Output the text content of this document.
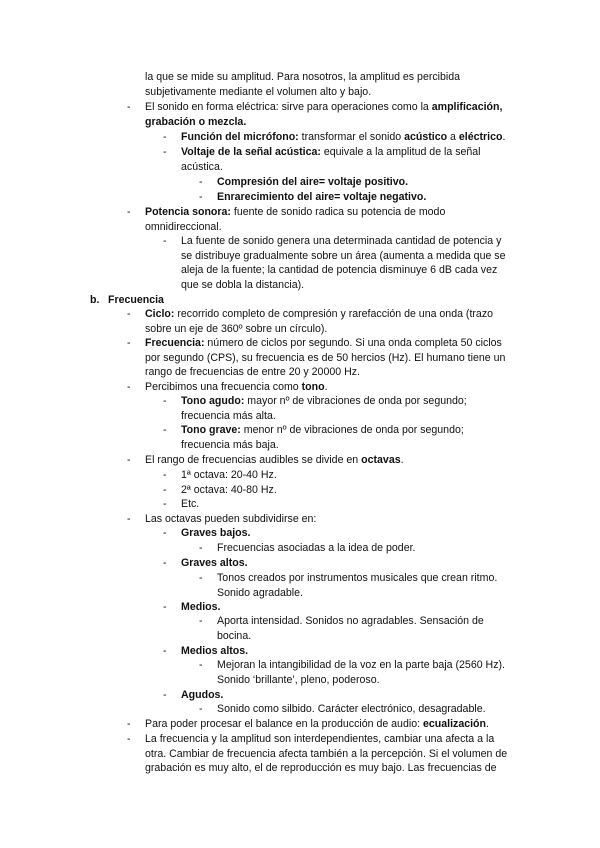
la que se mide su amplitud. Para nosotros, la amplitud es percibida
subjetivamente mediante el volumen alto y bajo.
- El sonido en forma eléctrica: sirve para operaciones como la amplificación,
grabación o mezcla.
- Función del micrófono: transformar el sonido acústico a eléctrico.
- Voltaje de la señal acústica: equivale a la amplitud de la señal
acústica.
- Compresión del aire= voltaje positivo.
- Enrarecimiento del aire= voltaje negativo.
- Potencia sonora: fuente de sonido radica su potencia de modo
omnidireccional.
- La fuente de sonido genera una determinada cantidad de potencia y
se distribuye gradualmente sobre un área (aumenta a medida que se
aleja de la fuente; la cantidad de potencia disminuye 6 dB cada vez
que se dobla la distancia).
b. Frecuencia
- Ciclo: recorrido completo de compresión y rarefacción de una onda (trazo
sobre un eje de 360º sobre un círculo).
- Frecuencia: número de ciclos por segundo. Si una onda completa 50 ciclos
por segundo (CPS), su frecuencia es de 50 hercios (Hz). El humano tiene un
rango de frecuencias de entre 20 y 20000 Hz.
- Percibimos una frecuencia como tono.
- Tono agudo: mayor nº de vibraciones de onda por segundo;
frecuencia más alta.
- Tono grave: menor nº de vibraciones de onda por segundo;
frecuencia más baja.
- El rango de frecuencias audibles se divide en octavas.
- 1ª octava: 20-40 Hz.
- 2ª octava: 40-80 Hz.
- Etc.
- Las octavas pueden subdividirse en:
- Graves bajos.
- Frecuencias asociadas a la idea de poder.
- Graves altos.
- Tonos creados por instrumentos musicales que crean ritmo.
Sonido agradable.
- Medios.
- Aporta intensidad. Sonidos no agradables. Sensación de
bocina.
- Medios altos.
- Mejoran la intangibilidad de la voz en la parte baja (2560 Hz).
Sonido ‘brillante’, pleno, poderoso.
- Agudos.
- Sonido como silbido. Carácter electrónico, desagradable.
- Para poder procesar el balance en la producción de audio: ecualización.
- La frecuencia y la amplitud son interdependientes, cambiar una afecta a la
otra. Cambiar de frecuencia afecta también a la percepción. Si el volumen de
grabación es muy alto, el de reproducción es muy bajo. Las frecuencias de
